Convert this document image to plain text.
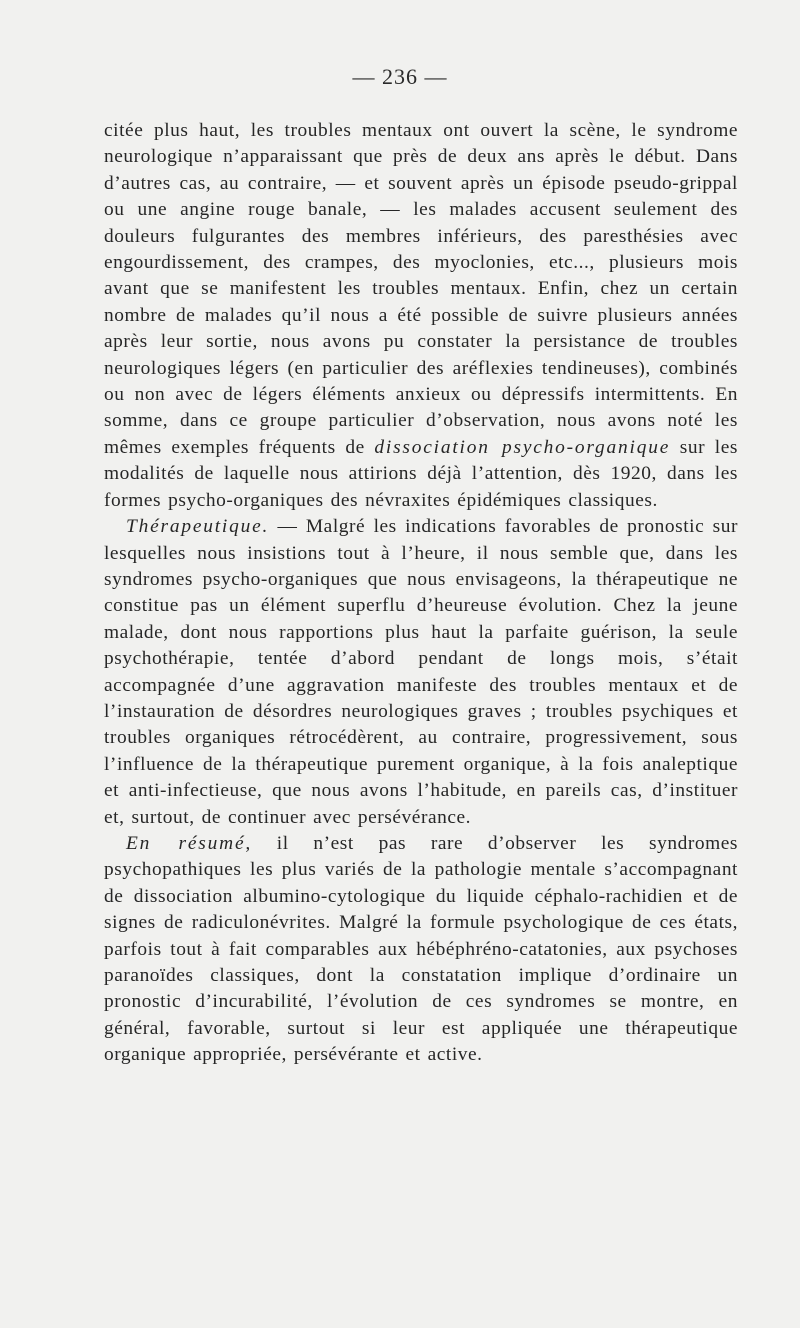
— 236 —

citée plus haut, les troubles mentaux ont ouvert la scène, le syndrome neurologique n’apparaissant que près de deux ans après le début. Dans d’autres cas, au contraire, — et souvent après un épisode pseudo-grippal ou une angine rouge banale, — les malades accusent seulement des douleurs fulgurantes des membres inférieurs, des paresthésies avec engourdissement, des crampes, des myoclonies, etc..., plusieurs mois avant que se manifestent les troubles mentaux. Enfin, chez un certain nombre de malades qu’il nous a été possible de suivre plusieurs années après leur sortie, nous avons pu constater la persistance de troubles neurologiques légers (en particulier des aréflexies tendineuses), combinés ou non avec de légers éléments anxieux ou dépressifs intermittents. En somme, dans ce groupe particulier d’observation, nous avons noté les mêmes exemples fréquents de dissociation psycho-organique sur les modalités de laquelle nous attirions déjà l’attention, dès 1920, dans les formes psycho-organiques des névraxites épidémiques classiques.

Thérapeutique. — Malgré les indications favorables de pronostic sur lesquelles nous insistions tout à l’heure, il nous semble que, dans les syndromes psycho-organiques que nous envisageons, la thérapeutique ne constitue pas un élément superflu d’heureuse évolution. Chez la jeune malade, dont nous rapportions plus haut la parfaite guérison, la seule psychothérapie, tentée d’abord pendant de longs mois, s’était accompagnée d’une aggravation manifeste des troubles mentaux et de l’instauration de désordres neurologiques graves ; troubles psychiques et troubles organiques rétrocédèrent, au contraire, progressivement, sous l’influence de la thérapeutique purement organique, à la fois analeptique et anti-infectieuse, que nous avons l’habitude, en pareils cas, d’instituer et, surtout, de continuer avec persévérance.

En résumé, il n’est pas rare d’observer les syndromes psychopathiques les plus variés de la pathologie mentale s’accompagnant de dissociation albumino-cytologique du liquide céphalo-rachidien et de signes de radiculonévrites. Malgré la formule psychologique de ces états, parfois tout à fait comparables aux hébéphréno-catatonies, aux psychoses paranoïdes classiques, dont la constatation implique d’ordinaire un pronostic d’incurabilité, l’évolution de ces syndromes se montre, en général, favorable, surtout si leur est appliquée une thérapeutique organique appropriée, persévérante et active.
